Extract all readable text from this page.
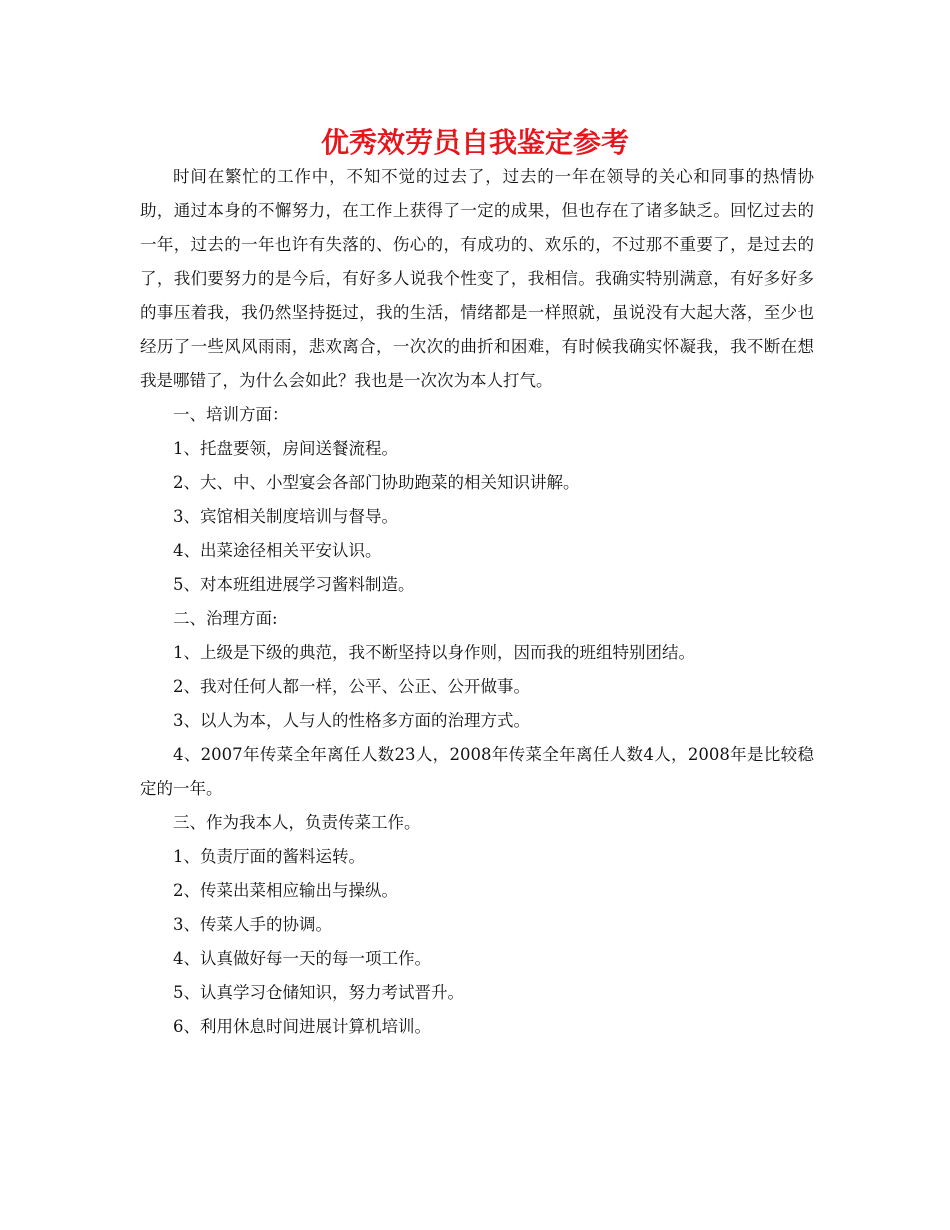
优秀效劳员自我鉴定参考

时间在繁忙的工作中，不知不觉的过去了，过去的一年在领导的关心和同事的热情协助，通过本身的不懈努力，在工作上获得了一定的成果，但也存在了诸多缺乏。回忆过去的一年，过去的一年也许有失落的、伤心的，有成功的、欢乐的，不过那不重要了，是过去的了，我们要努力的是今后，有好多人说我个性变了，我相信。我确实特别满意，有好多好多的事压着我，我仍然坚持挺过，我的生活，情绪都是一样照就，虽说没有大起大落，至少也经历了一些风风雨雨，悲欢离合，一次次的曲折和困难，有时候我确实怀凝我，我不断在想我是哪错了，为什么会如此？我也是一次次为本人打气。

一、培训方面：

1、托盘要领，房间送餐流程。

2、大、中、小型宴会各部门协助跑菜的相关知识讲解。

3、宾馆相关制度培训与督导。

4、出菜途径相关平安认识。

5、对本班组进展学习酱料制造。

二、治理方面:

1、上级是下级的典范，我不断坚持以身作则，因而我的班组特别团结。

2、我对任何人都一样，公平、公正、公开做事。

3、以人为本，人与人的性格多方面的治理方式。

4、2007年传菜全年离任人数23人，2008年传菜全年离任人数4人，2008年是比较稳定的一年。

三、作为我本人，负责传菜工作。

1、负责厅面的酱料运转。

2、传菜出菜相应输出与操纵。

3、传菜人手的协调。

4、认真做好每一天的每一项工作。

5、认真学习仓储知识，努力考试晋升。

6、利用休息时间进展计算机培训。
